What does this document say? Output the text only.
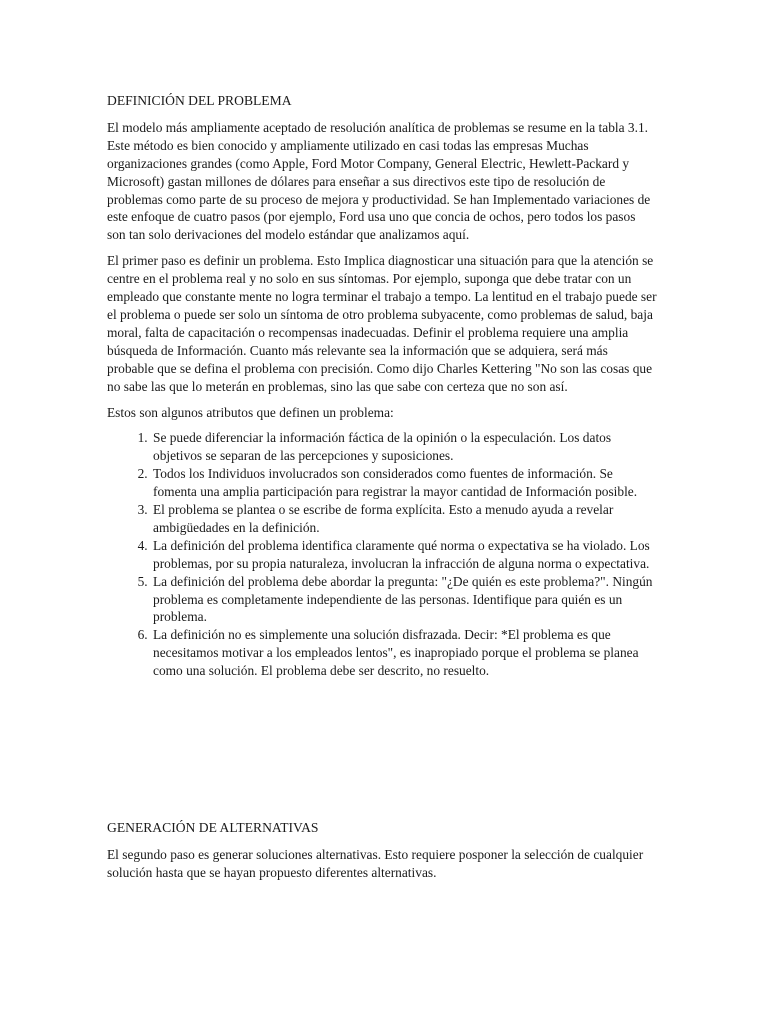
DEFINICIÓN DEL PROBLEMA

El modelo más ampliamente aceptado de resolución analítica de problemas se resume en la tabla 3.1. Este método es bien conocido y ampliamente utilizado en casi todas las empresas Muchas organizaciones grandes (como Apple, Ford Motor Company, General Electric, Hewlett-Packard y Microsoft) gastan millones de dólares para enseñar a sus directivos este tipo de resolución de problemas como parte de su proceso de mejora y productividad. Se han Implementado variaciones de este enfoque de cuatro pasos (por ejemplo, Ford usa uno que concia de ochos, pero todos los pasos son tan solo derivaciones del modelo estándar que analizamos aquí.

El primer paso es definir un problema. Esto Implica diagnosticar una situación para que la atención se centre en el problema real y no solo en sus síntomas. Por ejemplo, suponga que debe tratar con un empleado que constante mente no logra terminar el trabajo a tempo. La lentitud en el trabajo puede ser el problema o puede ser solo un síntoma de otro problema subyacente, como problemas de salud, baja moral, falta de capacitación o recompensas inadecuadas. Definir el problema requiere una amplia búsqueda de Información. Cuanto más relevante sea la información que se adquiera, será más probable que se defina el problema con precisión. Como dijo Charles Kettering "No son las cosas que no sabe las que lo meterán en problemas, sino las que sabe con certeza que no son así.

Estos son algunos atributos que definen un problema:

1. Se puede diferenciar la información fáctica de la opinión o la especulación. Los datos objetivos se separan de las percepciones y suposiciones.
2. Todos los Individuos involucrados son considerados como fuentes de información. Se fomenta una amplia participación para registrar la mayor cantidad de Información posible.
3. El problema se plantea o se escribe de forma explícita. Esto a menudo ayuda a revelar ambigüedades en la definición.
4. La definición del problema identifica claramente qué norma o expectativa se ha violado. Los problemas, por su propia naturaleza, involucran la infracción de alguna norma o expectativa.
5. La definición del problema debe abordar la pregunta: "¿De quién es este problema?". Ningún problema es completamente independiente de las personas. Identifique para quién es un problema.
6. La definición no es simplemente una solución disfrazada. Decir: *El problema es que necesitamos motivar a los empleados lentos", es inapropiado porque el problema se planea como una solución. El problema debe ser descrito, no resuelto.
GENERACIÓN DE ALTERNATIVAS

El segundo paso es generar soluciones alternativas. Esto requiere posponer la selección de cualquier solución hasta que se hayan propuesto diferentes alternativas.
